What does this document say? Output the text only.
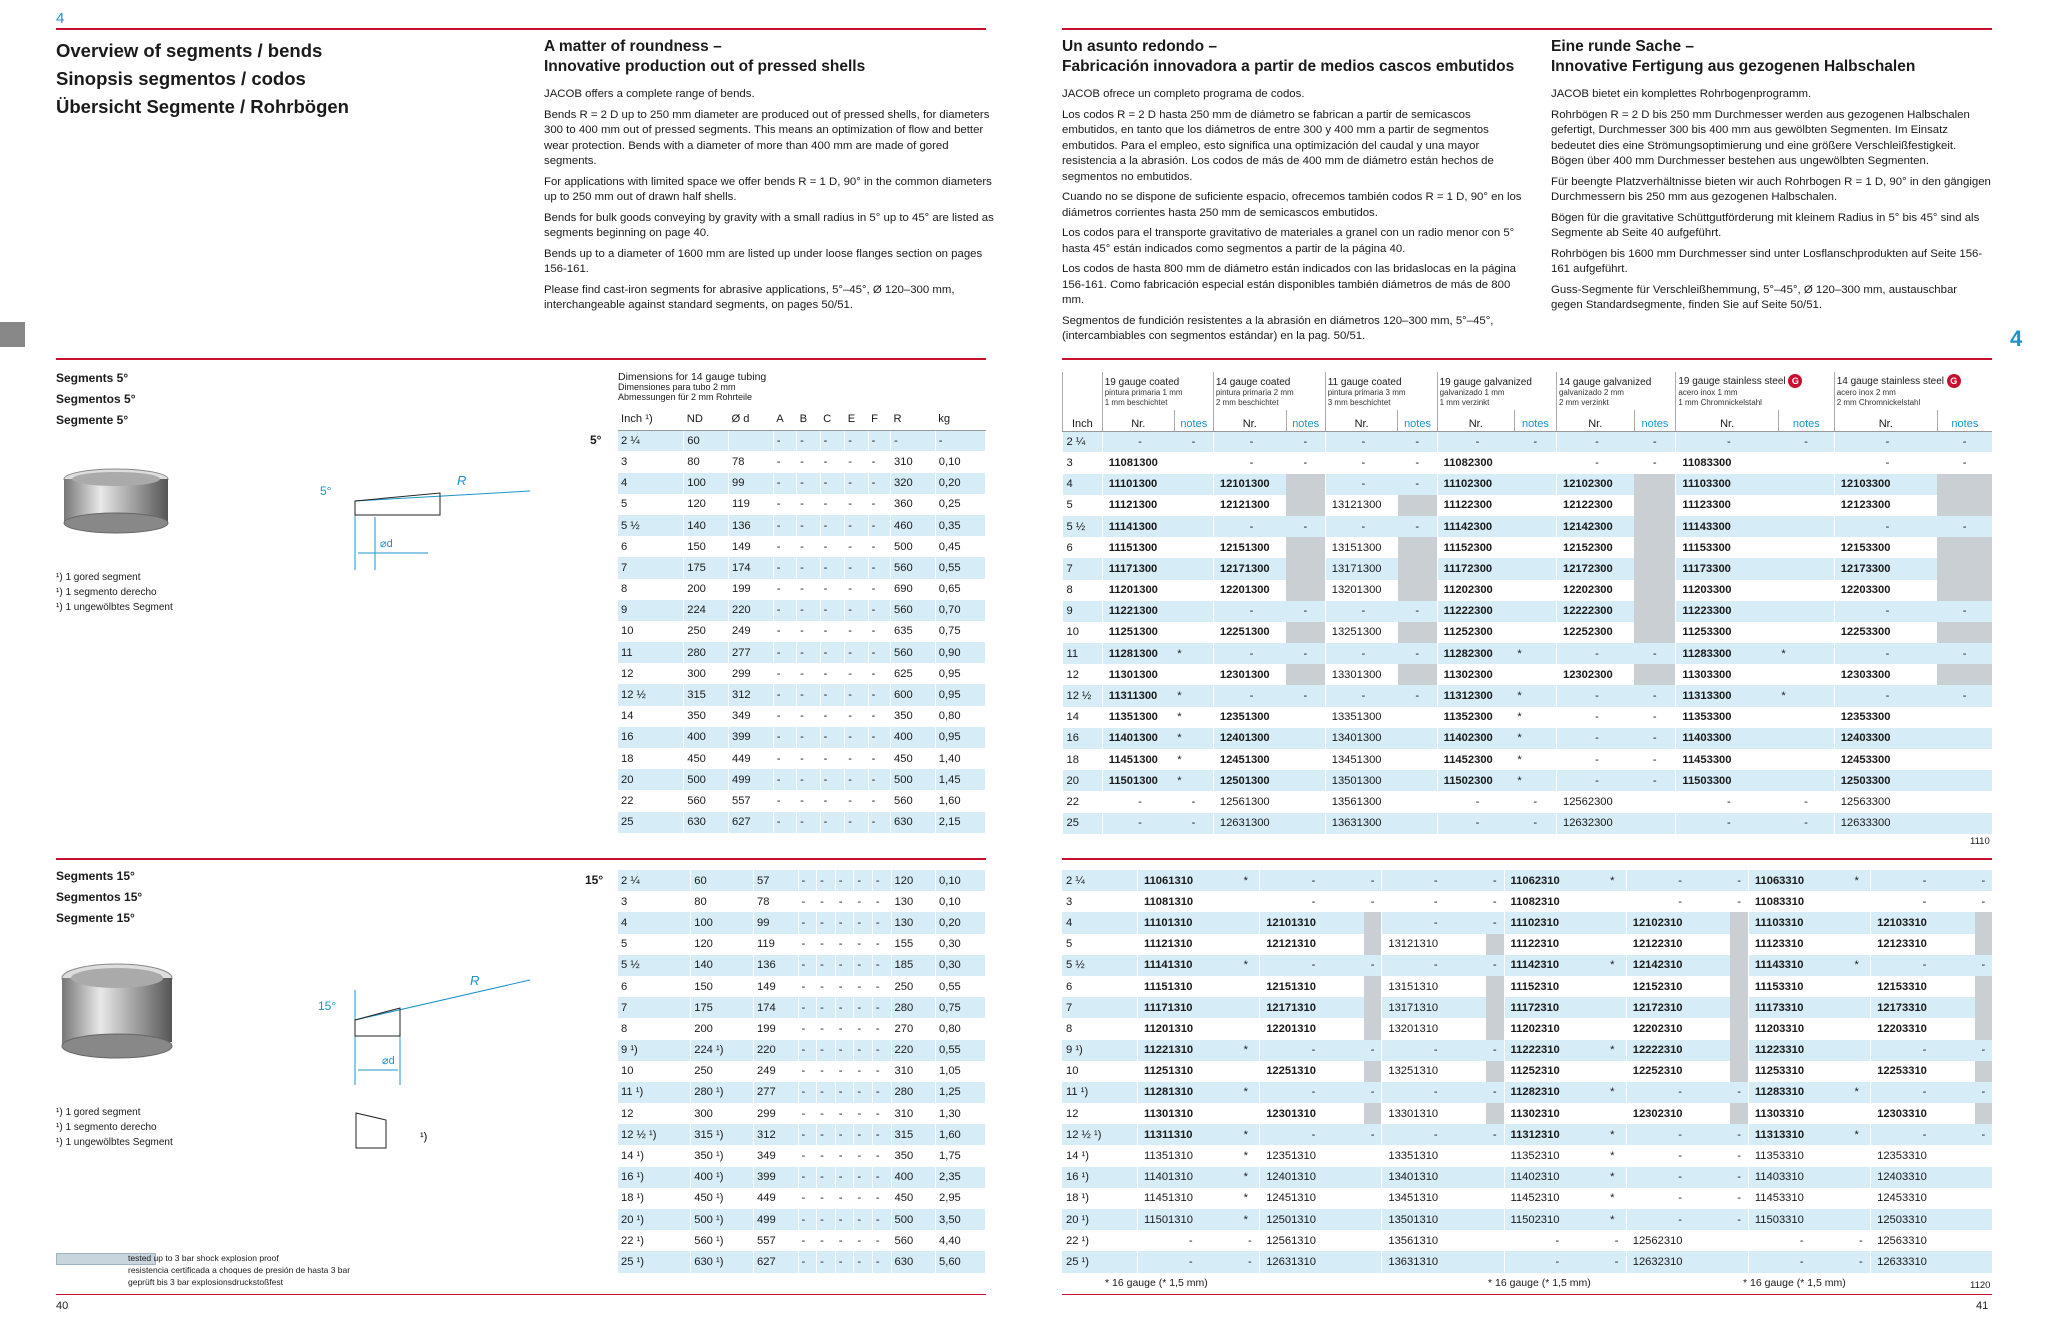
4
4
Overview of segments / bends
Sinopsis segmentos / codos
Übersicht Segmente / Rohrbögen
A matter of roundness –
Innovative production out of pressed shells

JACOB offers a complete range of bends.

Bends R = 2 D up to 250 mm diameter are produced out of pressed shells, for diameters 300 to 400 mm out of pressed segments. This means an optimization of flow and better wear protection. Bends with a diameter of more than 400 mm are made of gored segments.

For applications with limited space we offer bends R = 1 D, 90° in the common diameters up to 250 mm out of drawn half shells.

Bends for bulk goods conveying by gravity with a small radius in 5° up to 45° are listed as segments beginning on page 40.

Bends up to a diameter of 1600 mm are listed up under loose flanges section on pages 156-161.

Please find cast-iron segments for abrasive applications, 5°–45°, Ø 120–300 mm, interchangeable against standard segments, on pages 50/51.

Un asunto redondo –
Fabricación innovadora a partir de medios cascos embutidos

JACOB ofrece un completo programa de codos.

Los codos R = 2 D hasta 250 mm de diámetro se fabrican a partir de semicascos embutidos, en tanto que los diámetros de entre 300 y 400 mm a partir de segmentos embutidos. Para el empleo, esto significa una optimización del caudal y una mayor resistencia a la abrasión. Los codos de más de 400 mm de diámetro están hechos de segmentos no embutidos.

Cuando no se dispone de suficiente espacio, ofrecemos también codos R = 1 D, 90° en los diámetros corrientes hasta 250 mm de semicascos embutidos.

Los codos para el transporte gravitativo de materiales a granel con un radio menor con 5° hasta 45° están indicados como segmentos a partir de la página 40.

Los codos de hasta 800 mm de diámetro están indicados con las bridaslocas en la página 156-161. Como fabricación especial están disponibles también diámetros de más de 800 mm.

Segmentos de fundición resistentes a la abrasión en diámetros 120–300 mm, 5°–45°, (intercambiables con segmentos estándar) en la pag. 50/51.

Eine runde Sache –
Innovative Fertigung aus gezogenen Halbschalen

JACOB bietet ein komplettes Rohrbogenprogramm.

Rohrbögen R = 2 D bis 250 mm Durchmesser werden aus gezogenen Halbschalen gefertigt, Durchmesser 300 bis 400 mm aus gewölbten Segmenten. Im Einsatz bedeutet dies eine Strömungsoptimierung und eine größere Verschleißfestigkeit. Bögen über 400 mm Durchmesser bestehen aus ungewölbten Segmenten.

Für beengte Platzverhältnisse bieten wir auch Rohrbogen R = 1 D, 90° in den gängigen Durchmessern bis 250 mm aus gezogenen Halbschalen.

Bögen für die gravitative Schüttgutförderung mit kleinem Radius in 5° bis 45° sind als Segmente ab Seite 40 aufgeführt.

Rohrbögen bis 1600 mm Durchmesser sind unter Losflanschprodukten auf Seite 156-161 aufgeführt.

Guss-Segmente für Verschleißhemmung, 5°–45°, Ø 120–300 mm, austauschbar gegen Standardsegmente, finden Sie auf Seite 50/51.

Segments 5°
Segmentos 5°
Segmente 5°
¹) 1 gored segment
¹) 1 segmento derecho
¹) 1 ungewölbtes Segment
5°
R
⌀d
Dimensions for 14 gauge tubing
Dimensiones para tubo 2 mm
Abmessungen für 2 mm Rohrteile
5°
Inch ¹)	ND	Ø d	A	B	C	E	F	R	kg
2 ¼	60		-	-	-	-	-	-	-
3	80	78	-	-	-	-	-	310	0,10
4	100	99	-	-	-	-	-	320	0,20
5	120	119	-	-	-	-	-	360	0,25
5 ½	140	136	-	-	-	-	-	460	0,35
6	150	149	-	-	-	-	-	500	0,45
7	175	174	-	-	-	-	-	560	0,55
8	200	199	-	-	-	-	-	690	0,65
9	224	220	-	-	-	-	-	560	0,70
10	250	249	-	-	-	-	-	635	0,75
11	280	277	-	-	-	-	-	560	0,90
12	300	299	-	-	-	-	-	625	0,95
12 ½	315	312	-	-	-	-	-	600	0,95
14	350	349	-	-	-	-	-	350	0,80
16	400	399	-	-	-	-	-	400	0,95
18	450	449	-	-	-	-	-	450	1,40
20	500	499	-	-	-	-	-	500	1,45
22	560	557	-	-	-	-	-	560	1,60
25	630	627	-	-	-	-	-	630	2,15
	19 gauge coated
pintura primaria 1 mm
1 mm beschichtet		14 gauge coated
pintura primaria 2 mm
2 mm beschichtet		11 gauge coated
pintura primaria 3 mm
3 mm beschichtet		19 gauge galvanized
galvanizado 1 mm
1 mm verzinkt		14 gauge galvanized
galvanizado 2 mm
2 mm verzinkt		19 gauge stainless steel G
acero inox 1 mm
1 mm Chromnickelstahl		14 gauge stainless steel G
acero inox 2 mm
2 mm Chromnickelstahl	

Inch	Nr.	notes	Nr.	notes	Nr.	notes	Nr.	notes	Nr.	notes	Nr.	notes	Nr.	notes
2 ¼	-	-	-	-	-	-	-	-	-	-	-	-	-	-
3	11081300		-	-	-	-	11082300		-	-	11083300		-	-
4	11101300		12101300		-	-	11102300		12102300		11103300		12103300	
5	11121300		12121300		13121300		11122300		12122300		11123300		12123300	
5 ½	11141300		-	-	-	-	11142300		12142300		11143300		-	-
6	11151300		12151300		13151300		11152300		12152300		11153300		12153300	
7	11171300		12171300		13171300		11172300		12172300		11173300		12173300	
8	11201300		12201300		13201300		11202300		12202300		11203300		12203300	
9	11221300		-	-	-	-	11222300		12222300		11223300		-	-
10	11251300		12251300		13251300		11252300		12252300		11253300		12253300	
11	11281300	*	-	-	-	-	11282300	*	-	-	11283300	*	-	-
12	11301300		12301300		13301300		11302300		12302300		11303300		12303300	
12 ½	11311300	*	-	-	-	-	11312300	*	-	-	11313300	*	-	-
14	11351300	*	12351300		13351300		11352300	*	-	-	11353300		12353300	
16	11401300	*	12401300		13401300		11402300	*	-	-	11403300		12403300	
18	11451300	*	12451300		13451300		11452300	*	-	-	11453300		12453300	
20	11501300	*	12501300		13501300		11502300	*	-	-	11503300		12503300	
22	-	-	12561300		13561300		-	-	12562300		-	-	12563300	
25	-	-	12631300		13631300		-	-	12632300		-	-	12633300	
1110
Segments 15°
Segmentos 15°
Segmente 15°
¹) 1 gored segment
¹) 1 segmento derecho
¹) 1 ungewölbtes Segment
15°
R
⌀d
¹)
15° 2 ¼	60	57	-	-	-	-	-	120	0,10
3	80	78	-	-	-	-	-	130	0,10
4	100	99	-	-	-	-	-	130	0,20
5	120	119	-	-	-	-	-	155	0,30
5 ½	140	136	-	-	-	-	-	185	0,30
6	150	149	-	-	-	-	-	250	0,55
7	175	174	-	-	-	-	-	280	0,75
8	200	199	-	-	-	-	-	270	0,80
9 ¹)	224 ¹)	220	-	-	-	-	-	220	0,55
10	250	249	-	-	-	-	-	310	1,05
11 ¹)	280 ¹)	277	-	-	-	-	-	280	1,25
12	300	299	-	-	-	-	-	310	1,30
12 ½ ¹)	315 ¹)	312	-	-	-	-	-	315	1,60
14 ¹)	350 ¹)	349	-	-	-	-	-	350	1,75
16 ¹)	400 ¹)	399	-	-	-	-	-	400	2,35
18 ¹)	450 ¹)	449	-	-	-	-	-	450	2,95
20 ¹)	500 ¹)	499	-	-	-	-	-	500	3,50
22 ¹)	560 ¹)	557	-	-	-	-	-	560	4,40
25 ¹)	630 ¹)	627	-	-	-	-	-	630	5,60
2 ¼	11061310	*	-	-	-	-	11062310	*	-	-	11063310	*	-	-
3	11081310		-	-	-	-	11082310		-	-	11083310		-	-
4	11101310		12101310		-	-	11102310		12102310		11103310		12103310	
5	11121310		12121310		13121310		11122310		12122310		11123310		12123310	
5 ½	11141310	*	-	-	-	-	11142310	*	12142310		11143310	*	-	-
6	11151310		12151310		13151310		11152310		12152310		11153310		12153310	
7	11171310		12171310		13171310		11172310		12172310		11173310		12173310	
8	11201310		12201310		13201310		11202310		12202310		11203310		12203310	
9 ¹)	11221310	*	-	-	-	-	11222310	*	12222310		11223310		-	-
10	11251310		12251310		13251310		11252310		12252310		11253310		12253310	
11 ¹)	11281310	*	-	-	-	-	11282310	*	-	-	11283310	*	-	-
12	11301310		12301310		13301310		11302310		12302310		11303310		12303310	
12 ½ ¹)	11311310	*	-	-	-	-	11312310	*	-	-	11313310	*	-	-
14 ¹)	11351310	*	12351310		13351310		11352310	*	-	-	11353310		12353310	
16 ¹)	11401310	*	12401310		13401310		11402310	*	-	-	11403310		12403310	
18 ¹)	11451310	*	12451310		13451310		11452310	*	-	-	11453310		12453310	
20 ¹)	11501310	*	12501310		13501310		11502310	*	-	-	11503310		12503310	
22 ¹)	-	-	12561310		13561310		-	-	12562310		-	-	12563310	
25 ¹)	-	-	12631310		13631310		-	-	12632310		-	-	12633310	
1120
* 16 gauge (* 1,5 mm)	* 16 gauge (* 1,5 mm)	* 16 gauge (* 1,5 mm)
tested up to 3 bar shock explosion proof
resistencia certificada a choques de presión de hasta 3 bar
geprüft bis 3 bar explosionsdruckstoßfest
40	41
